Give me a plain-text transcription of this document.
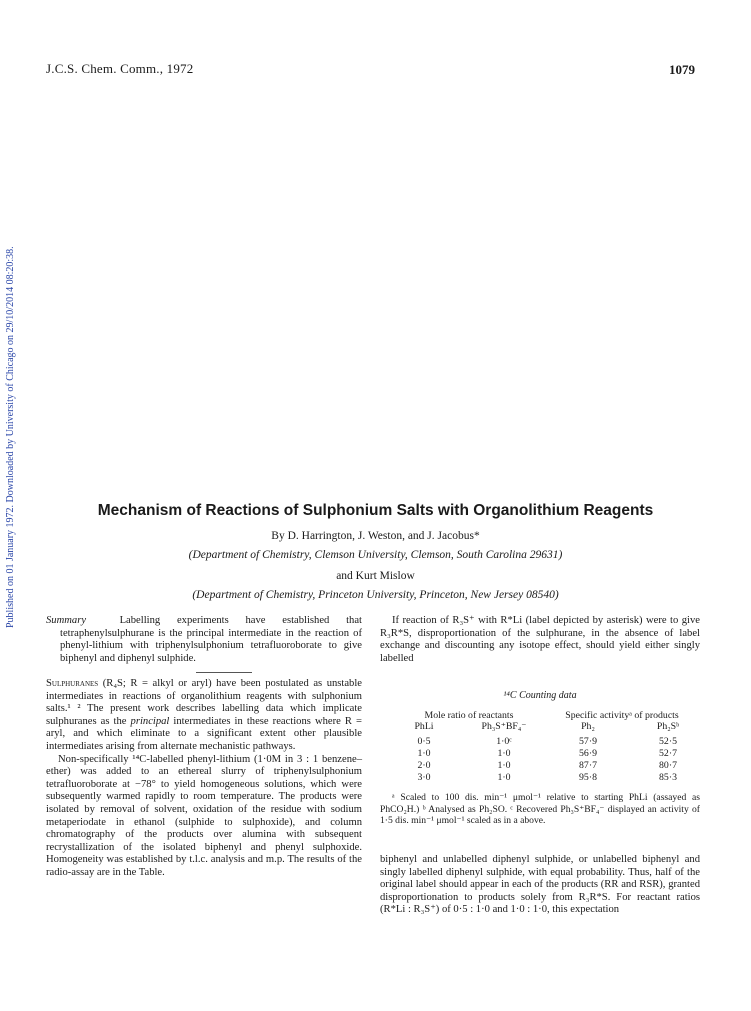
J.C.S. Chem. Comm., 1972	1079
Published on 01 January 1972. Downloaded by University of Chicago on 29/10/2014 08:20:38.	Mechanism of Reactions of Sulphonium Salts with Organolithium Reagents
By D. Harrington, J. Weston, and J. Jacobus*
(Department of Chemistry, Clemson University, Clemson, South Carolina 29631)
and Kurt Mislow
(Department of Chemistry, Princeton University, Princeton, New Jersey 08540)

Summary	Labelling experiments have established that tetraphenylsulphurane is the principal intermediate in the reaction of phenyl-lithium with triphenylsulphonium tetrafluoroborate to give biphenyl and diphenyl sulphide.

Sulphuranes (R₄S; R = alkyl or aryl) have been postulated as unstable intermediates in reactions of organolithium reagents with sulphonium salts.¹ ² The present work describes labelling data which implicate sulphuranes as the principal intermediates in these reactions where R = aryl, and which eliminate to a significant extent other plausible intermediates arising from alternate mechanistic pathways.

Non-specifically ¹⁴C-labelled phenyl-lithium (1·0M in 3 : 1 benzene–ether) was added to an ethereal slurry of triphenylsulphonium tetrafluoroborate at −78° to yield homogeneous solutions, which were subsequently warmed rapidly to room temperature. The products were isolated by removal of solvent, oxidation of the residue with sodium metaperiodate in ethanol (sulphide to sulphoxide), and column chromatography of the products over alumina with subsequent recrystallization of the isolated biphenyl and phenyl sulphoxide. Homogeneity was established by t.l.c. analysis and m.p. The results of the radio-assay are in the Table.

If reaction of R₃S⁺ with R*Li (label depicted by asterisk) were to give R₃R*S, disproportionation of the sulphurane, in the absence of label exchange and discounting any isotope effect, should yield either singly labelled

¹⁴C Counting data
Mole ratio of reactants	Specific activityᵃ of products
PhLi	Ph₃S⁺BF₄⁻	Ph₂	Ph₂Sᵇ
0·5	1·0ᶜ	57·9	52·5
1·0	1·0	56·9	52·7
2·0	1·0	87·7	80·7
3·0	1·0	95·8	85·3

ᵃ Scaled to 100 dis. min⁻¹ μmol⁻¹ relative to starting PhLi (assayed as PhCO₂H.) ᵇ Analysed as Ph₂SO. ᶜ Recovered Ph₃S⁺BF₄⁻ displayed an activity of 1·5 dis. min⁻¹ μmol⁻¹ scaled as in a above.

biphenyl and unlabelled diphenyl sulphide, or unlabelled biphenyl and singly labelled diphenyl sulphide, with equal probability. Thus, half of the original label should appear in each of the products (RR and RSR), granted disproportionation to products solely from R₃R*S. For reactant ratios (R*Li : R₃S⁺) of 0·5 : 1·0 and 1·0 : 1·0, this expectation
